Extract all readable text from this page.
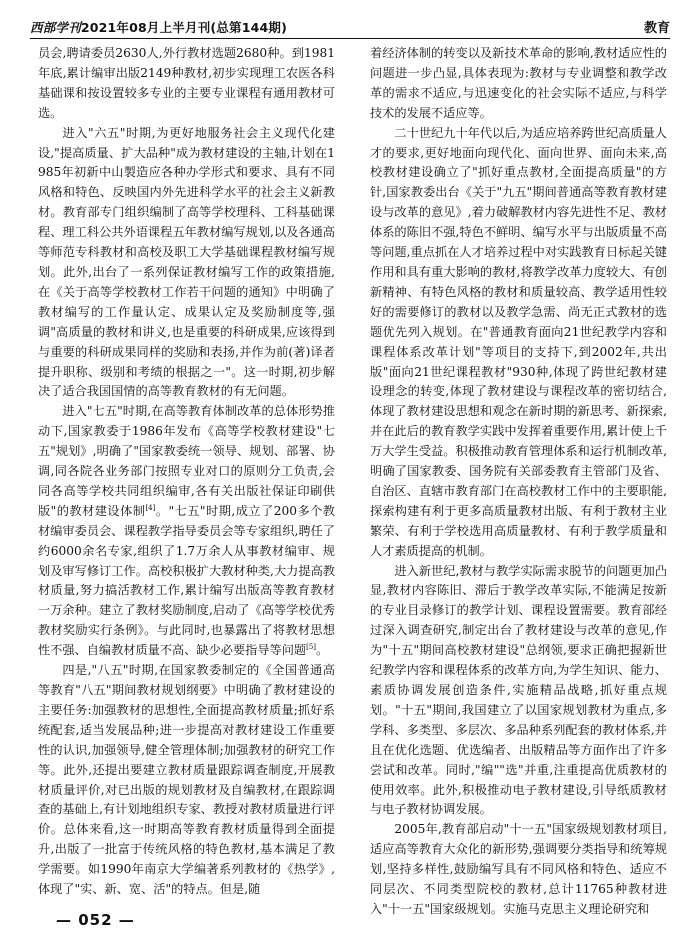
西部学刊2021年08月上半月刊(总第144期)	教育

员会,聘请委员2630人,外行教材选题2680种。到1981年底,累计编审出版2149种教材,初步实现理工农医各科基础课和按设置较多专业的主要专业课程有通用教材可选。

进入"六五"时期,为更好地服务社会主义现代化建设,"提高质量、扩大品种"成为教材建设的主轴,计划在1985年初新中山製造应各种办学形式和要求、具有不同风格和特色、反映国内外先进科学水平的社会主义新教材。教育部专门组织编制了高等学校理科、工科基础课程、理工科公共外语课程五年教材编写规划,以及各通高等师范专科教材和高校及职工大学基础课程教材编写规划。此外,出台了一系列保证教材编写工作的政策措施,在《关于高等学校教材工作若干问题的通知》中明确了教材编写的工作量认定、成果认定及奖励制度等,强调"高质量的教材和讲义,也是重要的科研成果,应该得到与重要的科研成果同样的奖励和表扬,并作为前(著)译者提升职称、级别和考绩的根据之一"。这一时期,初步解决了适合我国国情的高等教育教材的有无问题。

进入"七五"时期,在高等教育体制改革的总体形势推动下,国家教委于1986年发布《高等学校教材建设"七五"规划》,明确了"国家教委统一领导、规划、部署、协调,同各院各业务部门按照专业对口的原则分工负责,会同各高等学校共同组织编审,各有关出版社保证印刷供版"的教材建设体制[4]。"七五"时期,成立了200多个教材编审委员会、课程教学指导委员会等专家组织,聘任了约6000余名专家,组织了1.7万余人从事教材编审、规划及审写修订工作。高校积极扩大教材种类,大力提高教材质量,努力搞活教材工作,累计编写出版高等教育教材一万余种。建立了教材奖励制度,启动了《高等学校优秀教材奖励实行条例》。与此同时,也暴露出了将教材思想性不强、自编教材质量不高、缺少必要指导等问题[5]。

四是,"八五"时期,在国家教委制定的《全国普通高等教育"八五"期间教材规划纲要》中明确了教材建设的主要任务:加强教材的思想性,全面提高教材质量;抓好系统配套,适当发展品种;进一步提高对教材建设工作重要性的认识,加强领导,健全管理体制;加强教材的研究工作等。此外,还提出要建立教材质量跟踪调查制度,开展教材质量评价,对已出版的规划教材及自编教材,在跟踪调查的基础上,有计划地组织专家、教授对教材质量进行评价。总体来看,这一时期高等教育教材质量得到全面提升,出版了一批富于传统风格的特色教材,基本满足了教学需要。如1990年南京大学编著系列教材的《热学》,体现了"实、新、宽、活"的特点。但是,随

着经济体制的转变以及新技术革命的影响,教材适应性的问题进一步凸显,具体表现为:教材与专业调整和教学改革的需求不适应,与迅速变化的社会实际不适应,与科学技术的发展不适应等。

二十世纪九十年代以后,为适应培养跨世纪高质量人才的要求,更好地面向现代化、面向世界、面向未来,高校教材建设确立了"抓好重点教材,全面提高质量"的方针,国家教委出台《关于"九五"期间普通高等教育教材建设与改革的意见》,着力破解教材内容先进性不足、教材体系的陈旧不强,特色不鲜明、编写水平与出版质量不高等问题,重点抓在人才培养过程中对实践教育日标起关键作用和具有重大影响的教材,将教学改革力度较大、有创新精神、有特色风格的教材和质量较高、教学适用性较好的需要修订的教材以及教学急需、尚无正式教材的选题优先列入规划。在"普通教育面向21世纪教学内容和课程体系改革计划"等项目的支持下,到2002年,共出版"面向21世纪课程教材"930种,体现了跨世纪教材建设理念的转变,体现了教材建设与课程改革的密切结合,体现了教材建设思想和观念在新时期的新思考、新探索,并在此后的教育教学实践中发挥着重要作用,累计使上千万大学生受益。积极推动教育管理体系和运行机制改革,明确了国家教委、国务院有关部委教育主管部门及省、自治区、直辖市教育部门在高校教材工作中的主要职能,探索构建有利于更多高质量教材出版、有利于教材主业繁荣、有利于学校选用高质量教材、有利于教学质量和人才素质提高的机制。

进入新世纪,教材与教学实际需求脱节的问题更加凸显,教材内容陈旧、滞后于教学改革实际,不能满足按新的专业目录修订的教学计划、课程设置需要。教育部经过深入调查研究,制定出台了教材建设与改革的意见,作为"十五"期间高校教材建设"总纲领,要求正确把握新世纪教学内容和课程体系的改革方向,为学生知识、能力、素质协调发展创造条件,实施精品战略,抓好重点规划。"十五"期间,我国建立了以国家规划教材为重点,多学科、多类型、多层次、多品种系列配套的教材体系,并且在优化选题、优选编者、出版精品等方面作出了许多尝试和改革。同时,"编""选"并重,注重提高优质教材的使用效率。此外,积极推动电子教材建设,引导纸质教材与电子教材协调发展。

2005年,教育部启动"十一五"国家级规划教材项目,适应高等教育大众化的新形势,强调要分类指导和统筹规划,坚持多样性,鼓励编写具有不同风格和特色、适应不同层次、不同类型院校的教材,总计11765种教材进入"十一五"国家级规划。实施马克思主义理论研究和

— 052 —
